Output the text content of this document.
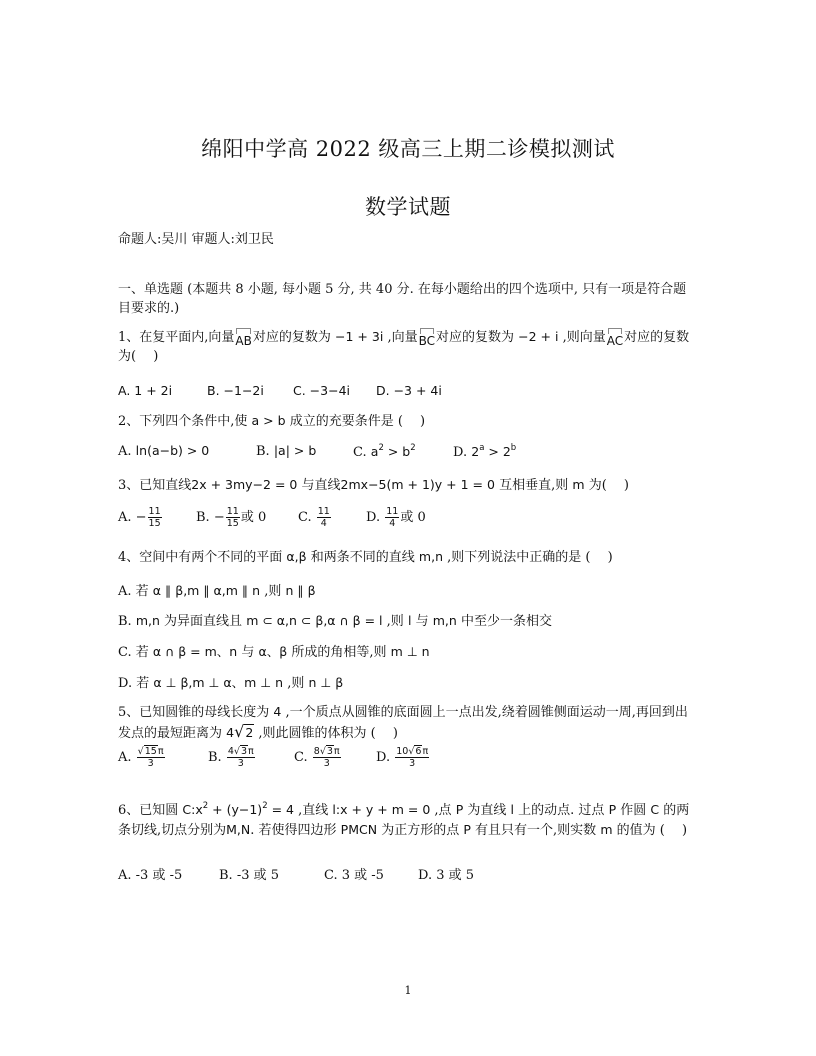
绵阳中学高 2022 级高三上期二诊模拟测试
数学试题
命题人:吴川 审题人:刘卫民
一、单选题 (本题共 8 小题, 每小题 5 分, 共 40 分. 在每小题给出的四个选项中, 只有一项是符合题目要求的.)
1、在复平面内,向量
AB对应的复数为 −1 + 3i ,向量
BC对应的复数为 −2 + i ,则向量
AC对应的复数为(　 )
A. 1 + 2i	B. −1−2i C. −3−4i D. −3 + 4i
2、下列四个条件中,使 a > b 成立的充要条件是 (　 )
A. ln(a−b) > 0	B. |a| > b	C. $a^2 > b^2$	D. $2^a > 2^b$
3、已知直线2x + 3my−2 = 0 与直线2mx−5(m + 1)y + 1 = 0 互相垂直,则 m 为(　 )
A. − $\frac{11}{15}$	B. − $\frac{11}{15}$ 或 0 C. $\frac{11}{4}$	D. $\frac{11}{4}$ 或 0
4、空间中有两个不同的平面 α,β 和两条不同的直线 m,n ,则下列说法中正确的是 (　 )
A. 若 α ∥ β,m ∥ α,m ∥ n ,则 n ∥ β
B. m,n 为异面直线且 m ⊂ α,n ⊂ β,α ∩ β = l ,则 l 与 m,n 中至少一条相交
C. 若 α ∩ β = m、n 与 α、β 所成的角相等,则 m ⊥ n
D. 若 α ⊥ β,m ⊥ α、m ⊥ n ,则 n ⊥ β
5、已知圆锥的母线长度为 4 ,一个质点从圆锥的底面圆上一点出发,绕着圆锥侧面运动一周,再回到出发点的最短距离为 4√2 ,则此圆锥的体积为 (　 )
A. $\frac{√15\pi}{3}$	B. $\frac{4√3\pi}{3}$	C. $\frac{8√3\pi}{3}$	D. $\frac{10√6\pi}{3}$
6、已知圆 $C:x^2 + (y-1)^2 = 4$ ,直线 l:x + y + m = 0 ,点 P 为直线 l 上的动点. 过点 P 作圆 C 的两条切线,切点分别为M,N. 若使得四边形 PMCN 为正方形的点 P 有且只有一个,则实数 m 的值为 (　 )
A. -3 或 -5	B. -3 或 5	C. 3 或 -5	D. 3 或 5
1
